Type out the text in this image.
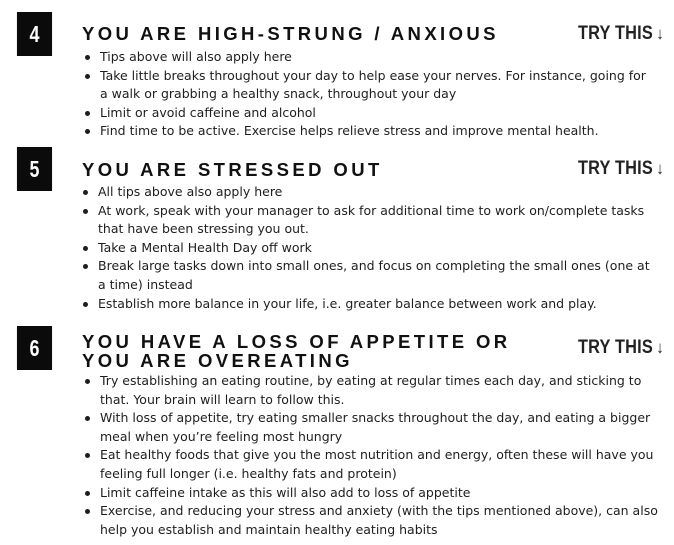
4 YOU ARE HIGH-STRUNG / ANXIOUS	TRY THIS ↓
Tips above will also apply here
Take little breaks throughout your day to help ease your nerves. For instance, going for a walk or grabbing a healthy snack, throughout your day
Limit or avoid caffeine and alcohol
Find time to be active. Exercise helps relieve stress and improve mental health.
5 YOU ARE STRESSED OUT	TRY THIS ↓
All tips above also apply here
At work, speak with your manager to ask for additional time to work on/complete tasks that have been stressing you out.
Take a Mental Health Day off work
Break large tasks down into small ones, and focus on completing the small ones (one at a time) instead
Establish more balance in your life, i.e. greater balance between work and play.
6 YOU HAVE A LOSS OF APPETITE OR YOU ARE OVEREATING
TRY THIS ↓
Try establishing an eating routine, by eating at regular times each day, and sticking to that. Your brain will learn to follow this.
With loss of appetite, try eating smaller snacks throughout the day, and eating a bigger meal when you’re feeling most hungry
Eat healthy foods that give you the most nutrition and energy, often these will have you feeling full longer (i.e. healthy fats and protein)
Limit caffeine intake as this will also add to loss of appetite
Exercise, and reducing your stress and anxiety (with the tips mentioned above), can also help you establish and maintain healthy eating habits
